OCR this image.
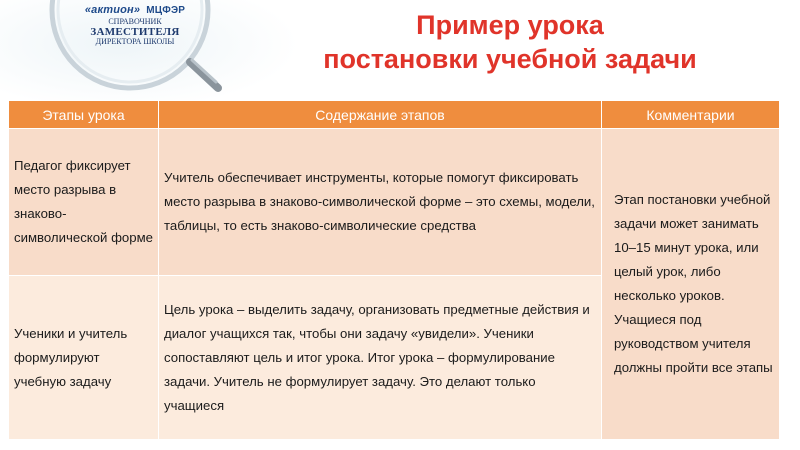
«актион» МЦФЭР
СПРАВОЧНИК
ЗАМЕСТИТЕЛЯ
ДИРЕКТОРА ШКОЛЫ
Пример урока
постановки учебной задачи
Этапы урока	Содержание этапов	Комментарии
Педагог фиксирует место разрыва в знаково-символической форме	Учитель обеспечивает инструменты, которые помогут фиксировать место разрыва в знаково-символической форме – это схемы, модели, таблицы, то есть знаково-символические средства	Этап постановки учебной задачи может занимать 10–15 минут урока, или целый урок, либо несколько уроков. Учащиеся под руководством учителя должны пройти все этапы
Ученики и учитель формулируют учебную задачу	Цель урока – выделить задачу, организовать предметные действия и диалог учащихся так, чтобы они задачу «увидели». Ученики сопоставляют цель и итог урока. Итог урока – формулирование задачи. Учитель не формулирует задачу. Это делают только учащиеся	
